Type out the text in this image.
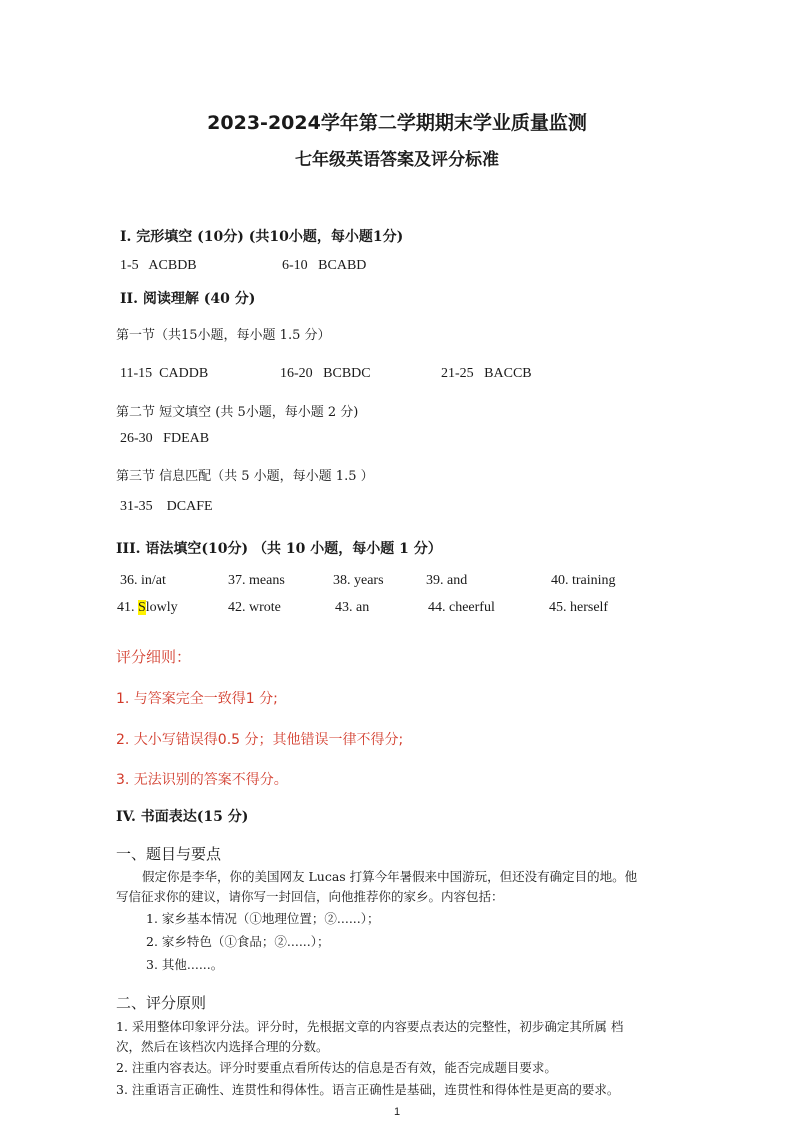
2023-2024学年第二学期期末学业质量监测
七年级英语答案及评分标准
I. 完形填空 (10分) (共10小题，每小题1分)
1-5 ACBDB	6-10 BCABD
II. 阅读理解 (40 分)
第一节（共15小题，每小题 1.5 分）
11-15 CADDB	16-20 BCBDC	21-25 BACCB
第二节 短文填空 (共 5小题，每小题 2 分)
26-30 FDEAB
第三节 信息匹配（共 5 小题，每小题 1.5 ）
31-35 DCAFE
III. 语法填空(10分) （共 10 小题，每小题 1 分）
36. in/at	37. means	38. years	39. and	40. training
41. Slowly	42. wrote	43. an	44. cheerful	45. herself
评分细则：
1. 与答案完全一致得1 分;
2. 大小写错误得0.5 分；其他错误一律不得分;
3. 无法识别的答案不得分。
IV. 书面表达(15 分)
一、题目与要点
假定你是李华，你的美国网友 Lucas 打算今年暑假来中国游玩，但还没有确定目的地。他
写信征求你的建议，请你写一封回信，向他推荐你的家乡。内容包括：
1. 家乡基本情况（①地理位置；②......）；
2. 家乡特色（①食品；②......）；
3. 其他......。
二、评分原则
1. 采用整体印象评分法。评分时，先根据文章的内容要点表达的完整性，初步确定其所属 档
次，然后在该档次内选择合理的分数。
2. 注重内容表达。评分时要重点看所传达的信息是否有效，能否完成题目要求。
3. 注重语言正确性、连贯性和得体性。语言正确性是基础，连贯性和得体性是更高的要求。
1
